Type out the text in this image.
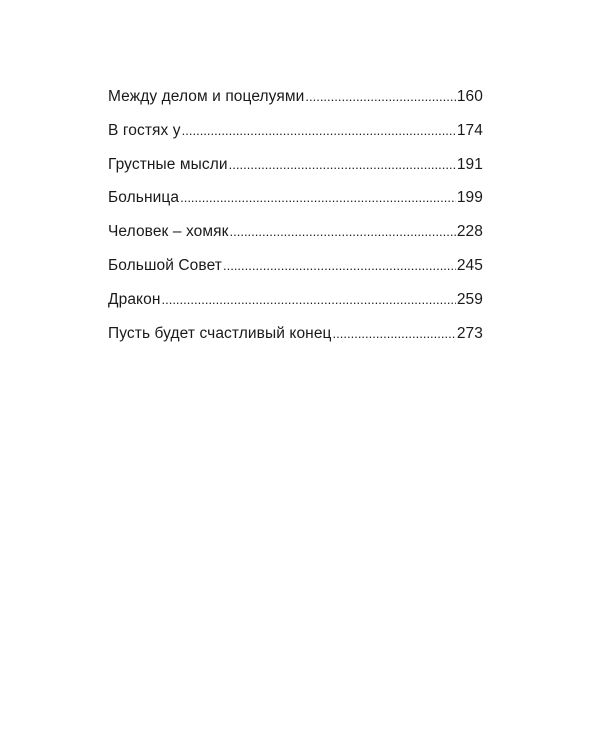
Между делом и поцелуями .....	160
В гостях у .....	174
Грустные мысли .....	191
Больница .....	199
Человек – хомяк .....	228
Большой Совет .....	245
Дракон .....	259
Пусть будет счастливый конец .....	273
